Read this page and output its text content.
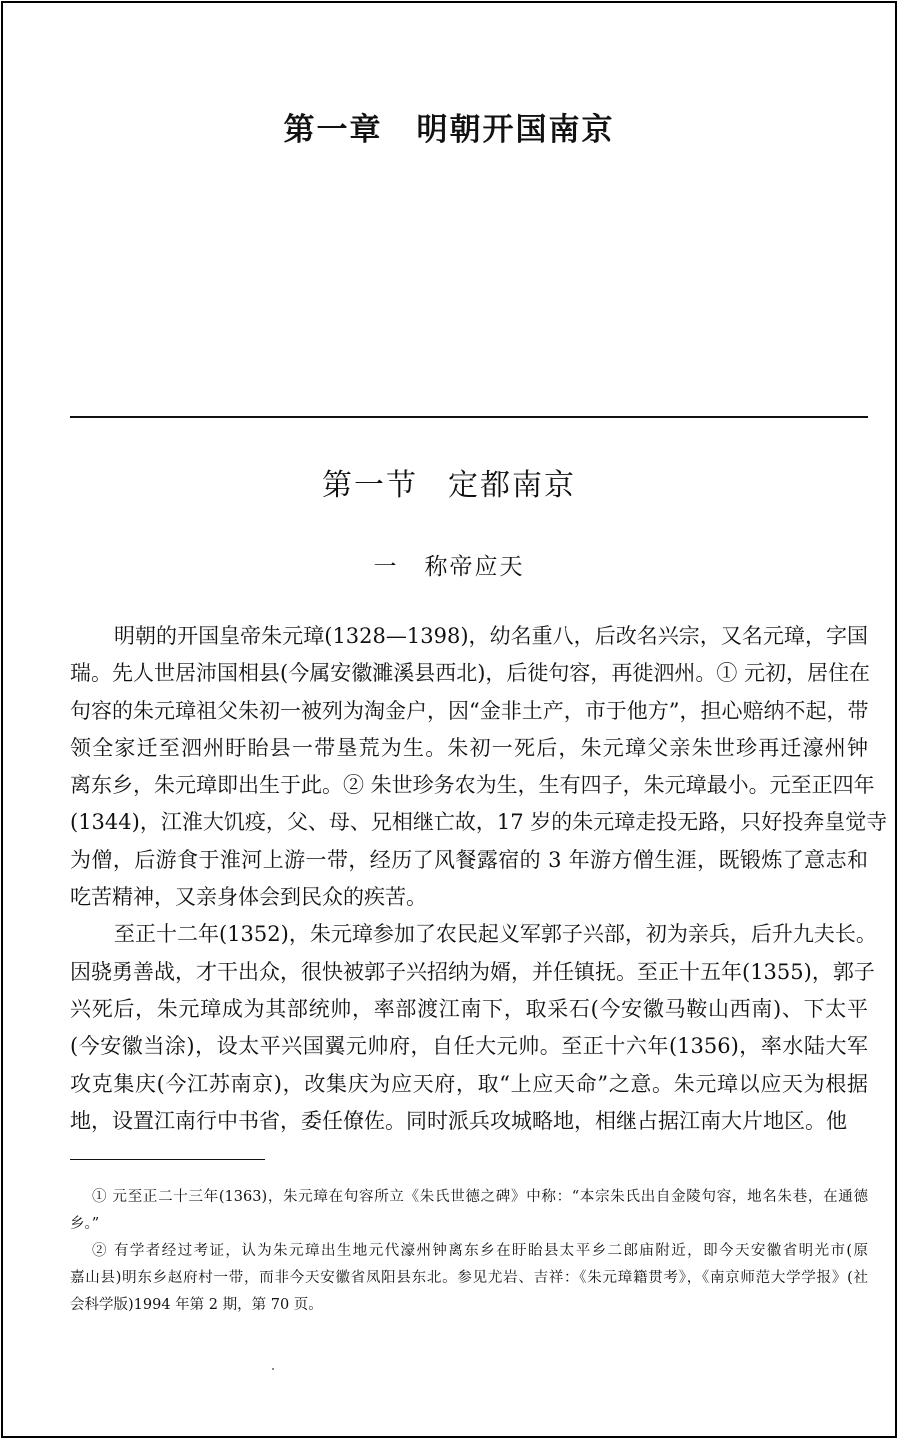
第一章 明朝开国南京
第一节 定都南京
一 称帝应天
明朝的开国皇帝朱元璋(1328—1398)，幼名重八，后改名兴宗，又名元璋，字国
瑞。先人世居沛国相县(今属安徽濉溪县西北)，后徙句容，再徙泗州。① 元初，居住在
句容的朱元璋祖父朱初一被列为淘金户，因“金非土产，市于他方”，担心赔纳不起，带
领全家迁至泗州盱眙县一带垦荒为生。朱初一死后，朱元璋父亲朱世珍再迁濠州钟
离东乡，朱元璋即出生于此。② 朱世珍务农为生，生有四子，朱元璋最小。元至正四年
(1344)，江淮大饥疫，父、母、兄相继亡故，17 岁的朱元璋走投无路，只好投奔皇觉寺
为僧，后游食于淮河上游一带，经历了风餐露宿的 3 年游方僧生涯，既锻炼了意志和
吃苦精神，又亲身体会到民众的疾苦。
至正十二年(1352)，朱元璋参加了农民起义军郭子兴部，初为亲兵，后升九夫长。
因骁勇善战，才干出众，很快被郭子兴招纳为婿，并任镇抚。至正十五年(1355)，郭子
兴死后，朱元璋成为其部统帅，率部渡江南下，取采石(今安徽马鞍山西南)、下太平
(今安徽当涂)，设太平兴国翼元帅府，自任大元帅。至正十六年(1356)，率水陆大军
攻克集庆(今江苏南京)，改集庆为应天府，取“上应天命”之意。朱元璋以应天为根据
地，设置江南行中书省，委任僚佐。同时派兵攻城略地，相继占据江南大片地区。他
① 元至正二十三年(1363)，朱元璋在句容所立《朱氏世德之碑》中称：“本宗朱氏出自金陵句容，地名朱巷，在通德
乡。”
② 有学者经过考证，认为朱元璋出生地元代濠州钟离东乡在盱眙县太平乡二郎庙附近，即今天安徽省明光市(原
嘉山县)明东乡赵府村一带，而非今天安徽省凤阳县东北。参见尤岩、吉祥：《朱元璋籍贯考》，《南京师范大学学报》(社
会科学版)1994 年第 2 期，第 70 页。
